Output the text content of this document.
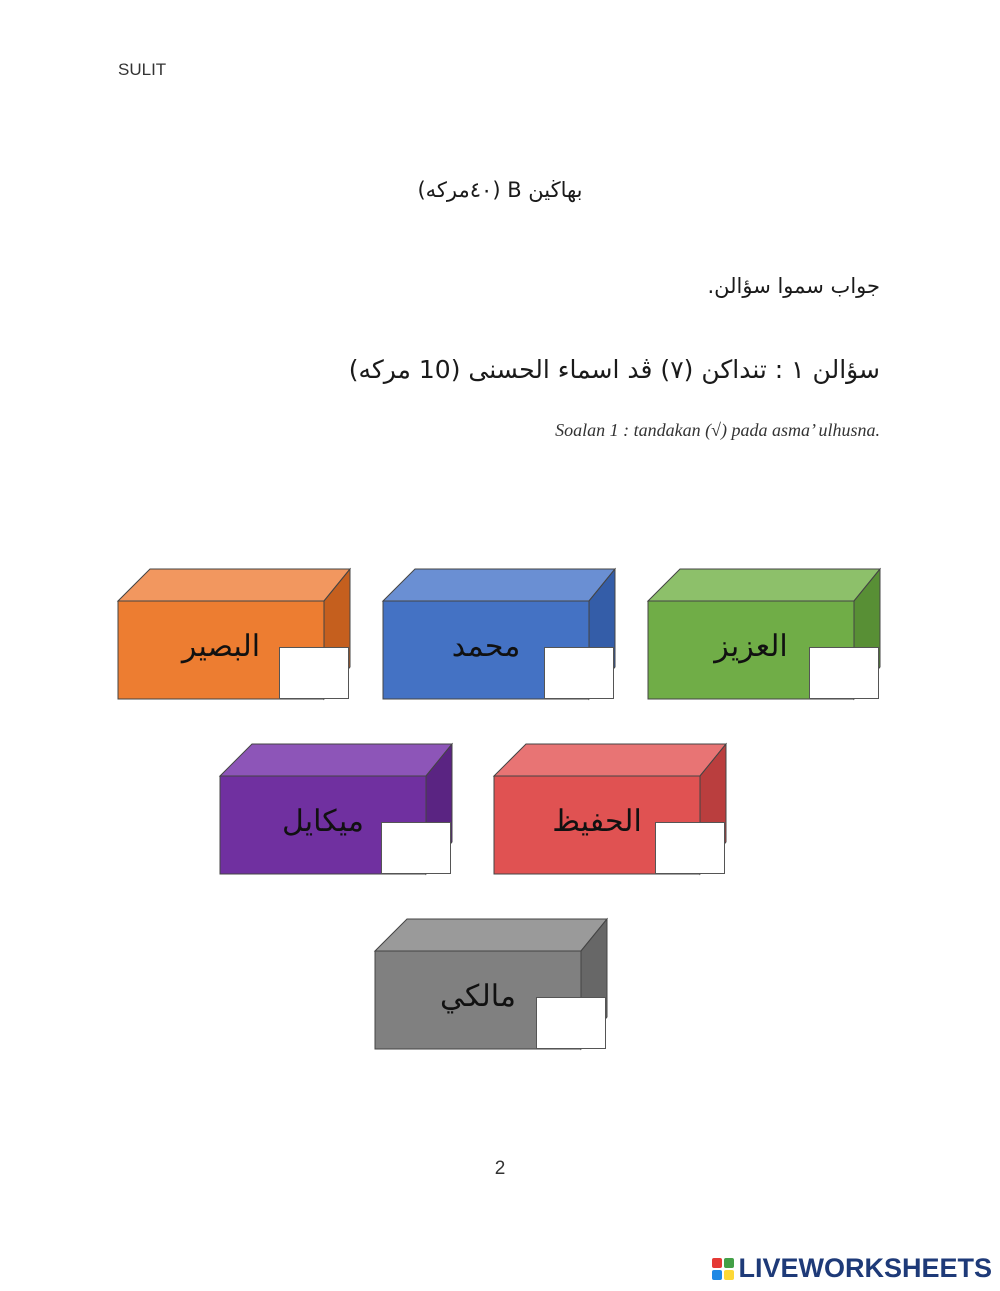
SULIT
بهاڬين B (٤٠مركه)
جواب سموا سؤالن.
سؤالن ١ : تنداكن (٧) ڤد اسماء الحسنى (10 مركه)
Soalan 1 : tandakan (√) pada asma’ ulhusna.
البصير	محمد	العزيز
ميكايل	الحفيظ
مالكي
2
LIVEWORKSHEETS
